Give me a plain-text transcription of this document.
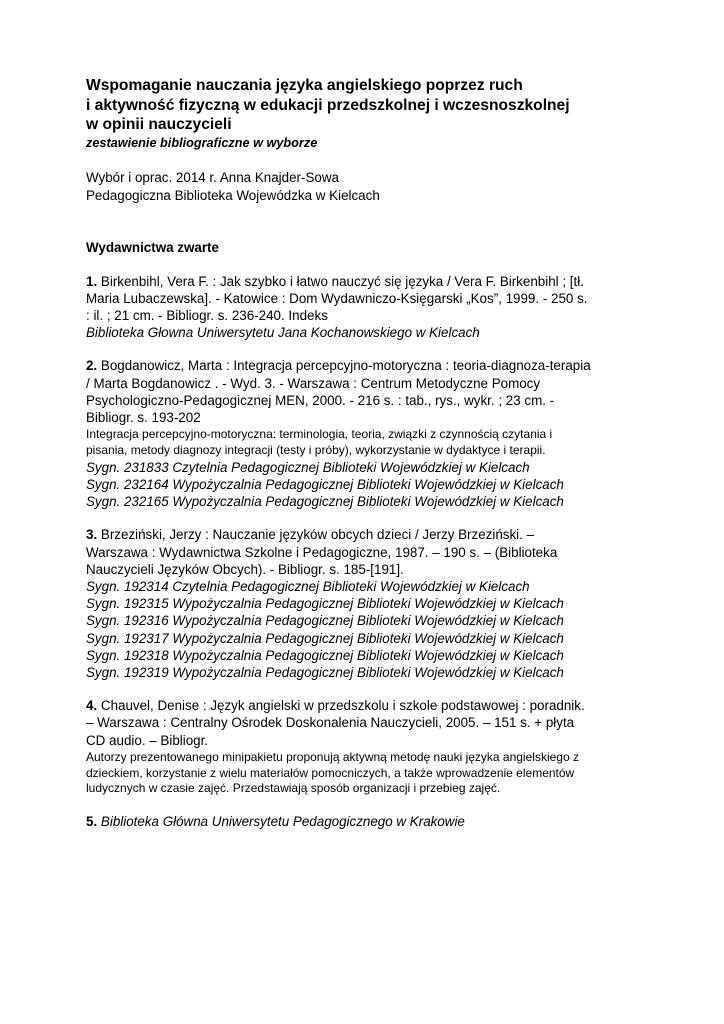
Wspomaganie nauczania języka angielskiego poprzez ruch
i aktywność fizyczną w edukacji przedszkolnej i wczesnoszkolnej
w opinii nauczycieli
zestawienie bibliograficzne w wyborze
Wybór i oprac. 2014 r. Anna Knajder-Sowa
Pedagogiczna Biblioteka Wojewódzka w Kielcach
Wydawnictwa zwarte
1. Birkenbihl, Vera F. : Jak szybko i łatwo nauczyć się języka / Vera F. Birkenbihl ; [tł.
Maria Lubaczewska]. - Katowice : Dom Wydawniczo-Księgarski „Kos”, 1999. - 250 s.
: il. ; 21 cm. - Bibliogr. s. 236-240. Indeks
Biblioteka Głowna Uniwersytetu Jana Kochanowskiego w Kielcach
2. Bogdanowicz, Marta : Integracja percepcyjno-motoryczna : teoria-diagnoza-terapia
/ Marta Bogdanowicz . - Wyd. 3. - Warszawa : Centrum Metodyczne Pomocy
Psychologiczno-Pedagogicznej MEN, 2000. - 216 s. : tab., rys., wykr. ; 23 cm. -
Bibliogr. s. 193-202
Integracja percepcyjno-motoryczna: terminologia, teoria, związki z czynnością czytania i
pisania, metody diagnozy integracji (testy i próby), wykorzystanie w dydaktyce i terapii.
Sygn. 231833 Czytelnia Pedagogicznej Biblioteki Wojewódzkiej w Kielcach
Sygn. 232164 Wypożyczalnia Pedagogicznej Biblioteki Wojewódzkiej w Kielcach
Sygn. 232165 Wypożyczalnia Pedagogicznej Biblioteki Wojewódzkiej w Kielcach
3. Brzeziński, Jerzy : Nauczanie języków obcych dzieci / Jerzy Brzeziński. –
Warszawa : Wydawnictwa Szkolne i Pedagogiczne, 1987. – 190 s. – (Biblioteka
Nauczycieli Języków Obcych). - Bibliogr. s. 185-[191].
Sygn. 192314 Czytelnia Pedagogicznej Biblioteki Wojewódzkiej w Kielcach
Sygn. 192315 Wypożyczalnia Pedagogicznej Biblioteki Wojewódzkiej w Kielcach
Sygn. 192316 Wypożyczalnia Pedagogicznej Biblioteki Wojewódzkiej w Kielcach
Sygn. 192317 Wypożyczalnia Pedagogicznej Biblioteki Wojewódzkiej w Kielcach
Sygn. 192318 Wypożyczalnia Pedagogicznej Biblioteki Wojewódzkiej w Kielcach
Sygn. 192319 Wypożyczalnia Pedagogicznej Biblioteki Wojewódzkiej w Kielcach
4. Chauvel, Denise : Język angielski w przedszkolu i szkole podstawowej : poradnik.
– Warszawa : Centralny Ośrodek Doskonalenia Nauczycieli, 2005. – 151 s. + płyta
CD audio. – Bibliogr.
Autorzy prezentowanego minipakietu proponują aktywną metodę nauki języka angielskiego z
dzieckiem, korzystanie z wielu materiałów pomocniczych, a także wprowadzenie elementów
ludycznych w czasie zajęć. Przedstawiają sposób organizacji i przebieg zajęć.
5. Biblioteka Główna Uniwersytetu Pedagogicznego w Krakowie
